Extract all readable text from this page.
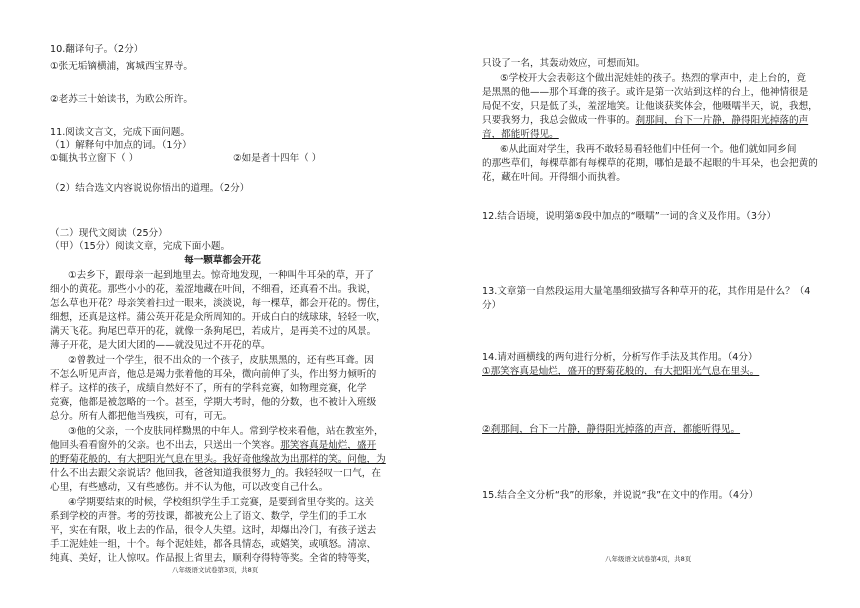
10.翻译句子。（2分）
①张无垢镝横浦，寓城西宝界寺。
②老苏三十始读书，为欧公所许。
11.阅读文言文，完成下面问题。
（1）解释句中加点的词。（1分）
①辄执书立窗下（ ）	②如是者十四年（ ）
（2）结合选文内容说说你悟出的道理。（2分）
（二）现代文阅读（25分）
（甲）（15分）阅读文章，完成下面小题。
每一颗草都会开花
①去乡下，跟母亲一起到地里去。惊奇地发现，一种叫牛耳朵的草，开了
细小的黄花。那些小小的花，羞涩地藏在叶间，不细看，还真看不出。我说，
怎么草也开花？母亲笑着扫过一眼来，淡淡说，每一棵草，都会开花的。愣住，
细想，还真是这样。蒲公英开花是众所周知的。开成白白的绒球球，轻轻一吹，
满天飞花。狗尾巴草开的花，就像一条狗尾巴，若成片，是再美不过的风景。
薄子开花，是大团大团的——就没见过不开花的草。
②曾教过一个学生，很不出众的一个孩子，皮肤黑黑的，还有些耳聋。因
不怎么听见声音，他总是竭力张着他的耳朵，微向前伸了头，作出努力倾听的
样子。这样的孩子，成绩自然好不了，所有的学科竞赛，如物理竞赛，化学
竞赛，他都是被忽略的一个。甚至，学期大考时，他的分数，也不被计入班级
总分。所有人都把他当残疾，可有，可无。
③他的父亲，一个皮肤同样黝黑的中年人。常到学校来看他，站在教室外，
他回头看看窗外的父亲。也不出去，只送出一个笑容。那笑容真是灿烂，盛开
的野菊花般的，有大把阳光气息在里头。我好奇他缘故为出那样的笑。问他，为
什么不出去跟父亲说话？他回我，爸爸知道我很努力_的。我轻轻叹一口气，在
心里，有些感动，又有些感伤。并不认为他，可以改变自己什么。
④学期要结束的时候，学校组织学生手工竞赛，是要到省里夺奖的。这关
系到学校的声誉。考的劳技课，都被充公上了语文、数学，学生们的手工水
平，实在有限，收上去的作品，很令人失望。这时，却爆出冷门，有孩子送去
手工泥娃娃一组，十个。每个泥娃娃，都各具情态，或嬉笑，或嗔怒。清凉、
纯真、美好，让人惊叹。作品报上省里去，顺利夺得特等奖。全省的特等奖，
八年级语文试卷第3页，共8页
只设了一名，其轰动效应，可想而知。
⑤学校开大会表彰这个做出泥娃娃的孩子。热烈的掌声中，走上台的，竟
是黑黑的他——那个耳聋的孩子。或许是第一次站到这样的台上，他神情很是
局促不安，只是低了头，羞涩地笑。让他谈获奖体会，他嗫嚅半天，说，我想，
只要我努力，我总会做成一件事的。刹那间，台下一片静，静得阳光掉落的声
音，都能听得见。
⑥从此面对学生，我再不敢轻易看轻他们中任何一个。他们就如同乡间
的那些草们，每棵草都有每棵草的花期，哪怕是最不起眼的牛耳朵，也会把黄的
花，藏在叶间。开得细小而执着。
12.结合语境，说明第⑤段中加点的“嗫嚅”一词的含义及作用。（3分）
13.文章第一自然段运用大量笔墨细致描写各种草开的花，其作用是什么？（4
分）
14.请对画横线的两句进行分析，分析写作手法及其作用。（4分）
①那笑容真是灿烂，盛开的野菊花般的，有大把阳光气息在里头。
②刹那间，台下一片静，静得阳光掉落的声音，都能听得见。
15.结合全文分析“我”的形象，并说说“我”在文中的作用。（4分）
八年级语文试卷第4页，共8页
